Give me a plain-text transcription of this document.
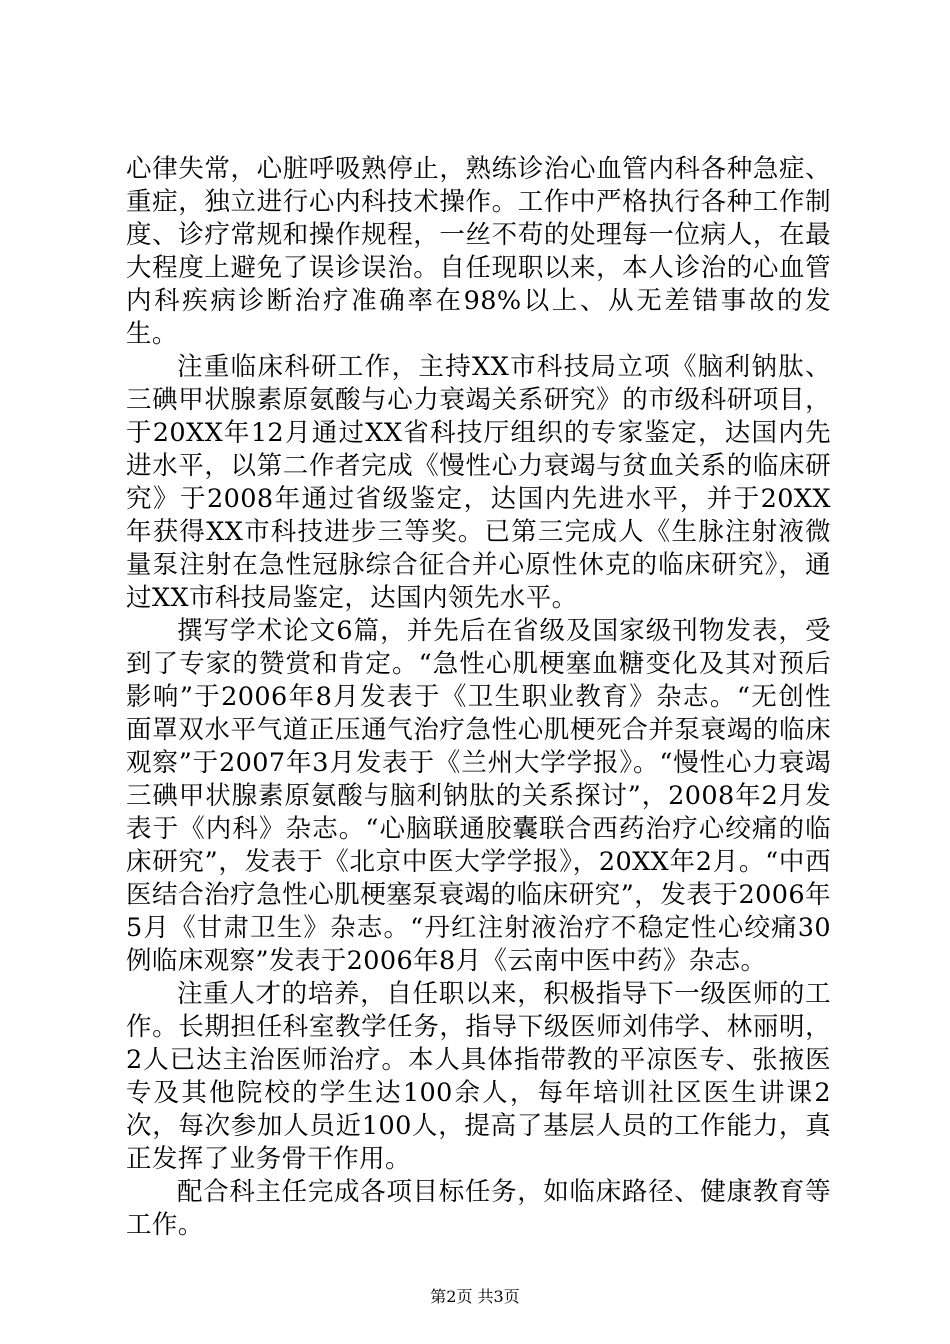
心律失常，心脏呼吸熟停止，熟练诊治心血管内科各种急症、重症，独立进行心内科技术操作。工作中严格执行各种工作制度、诊疗常规和操作规程，一丝不苟的处理每一位病人，在最大程度上避免了误诊误治。自任现职以来，本人诊治的心血管内科疾病诊断治疗准确率在98%以上、从无差错事故的发生。

注重临床科研工作，主持XX市科技局立项《脑利钠肽、三碘甲状腺素原氨酸与心力衰竭关系研究》的市级科研项目，于20XX年12月通过XX省科技厅组织的专家鉴定，达国内先进水平，以第二作者完成《慢性心力衰竭与贫血关系的临床研究》于2008年通过省级鉴定，达国内先进水平，并于20XX年获得XX市科技进步三等奖。已第三完成人《生脉注射液微量泵注射在急性冠脉综合征合并心原性休克的临床研究》，通过XX市科技局鉴定，达国内领先水平。

撰写学术论文6篇，并先后在省级及国家级刊物发表，受到了专家的赞赏和肯定。“急性心肌梗塞血糖变化及其对预后影响”于2006年8月发表于《卫生职业教育》杂志。“无创性面罩双水平气道正压通气治疗急性心肌梗死合并泵衰竭的临床观察”于2007年3月发表于《兰州大学学报》。“慢性心力衰竭三碘甲状腺素原氨酸与脑利钠肽的关系探讨”，2008年2月发表于《内科》杂志。“心脑联通胶囊联合西药治疗心绞痛的临床研究”，发表于《北京中医大学学报》，20XX年2月。“中西医结合治疗急性心肌梗塞泵衰竭的临床研究”，发表于2006年5月《甘肃卫生》杂志。“丹红注射液治疗不稳定性心绞痛30例临床观察”发表于2006年8月《云南中医中药》杂志。

注重人才的培养，自任职以来，积极指导下一级医师的工作。长期担任科室教学任务，指导下级医师刘伟学、林丽明，2人已达主治医师治疗。本人具体指带教的平凉医专、张掖医专及其他院校的学生达100余人，每年培训社区医生讲课2次，每次参加人员近100人，提高了基层人员的工作能力，真正发挥了业务骨干作用。

配合科主任完成各项目标任务，如临床路径、健康教育等工作。

第2页 共3页
